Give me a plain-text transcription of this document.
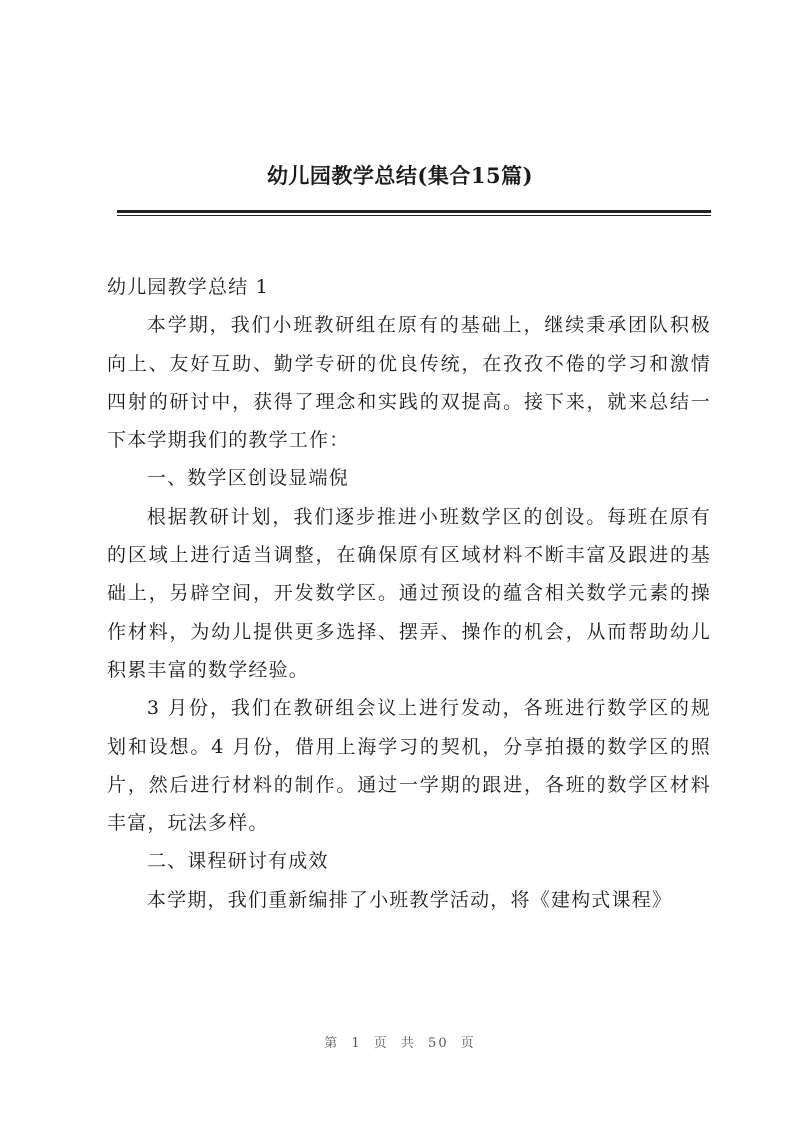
幼儿园教学总结(集合15篇)

幼儿园教学总结 1

本学期，我们小班教研组在原有的基础上，继续秉承团队积极向上、友好互助、勤学专研的优良传统，在孜孜不倦的学习和激情四射的研讨中，获得了理念和实践的双提高。接下来，就来总结一下本学期我们的教学工作：

一、数学区创设显端倪

根据教研计划，我们逐步推进小班数学区的创设。每班在原有的区域上进行适当调整，在确保原有区域材料不断丰富及跟进的基础上，另辟空间，开发数学区。通过预设的蕴含相关数学元素的操作材料，为幼儿提供更多选择、摆弄、操作的机会，从而帮助幼儿积累丰富的数学经验。

3 月份，我们在教研组会议上进行发动，各班进行数学区的规划和设想。4 月份，借用上海学习的契机，分享拍摄的数学区的照片，然后进行材料的制作。通过一学期的跟进，各班的数学区材料丰富，玩法多样。

二、课程研讨有成效

本学期，我们重新编排了小班教学活动，将《建构式课程》

第 1 页 共 50 页
